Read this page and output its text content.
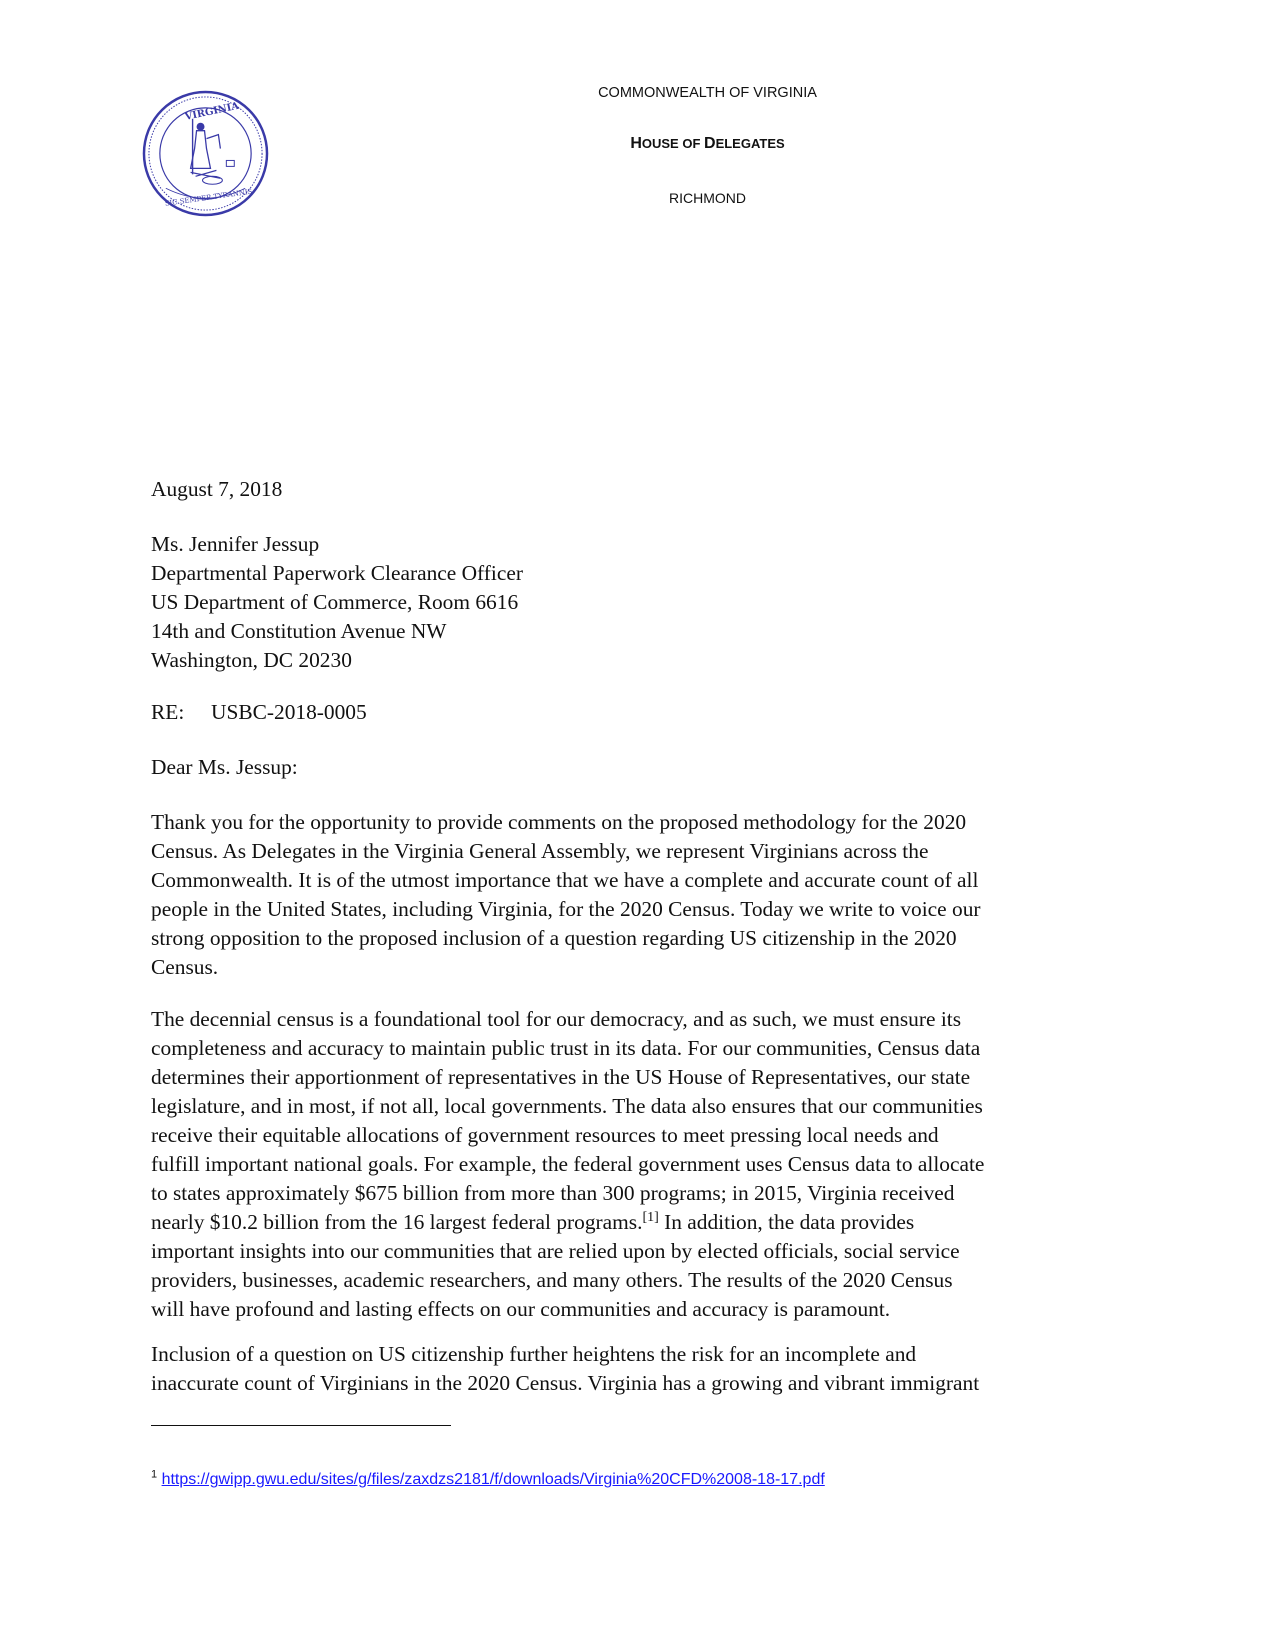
VIRGINIA
SIC SEMPER TYRANNIS
COMMONWEALTH OF VIRGINIA
HOUSE OF DELEGATES
RICHMOND

August 7, 2018

Ms. Jennifer Jessup

Departmental Paperwork Clearance Officer

US Department of Commerce, Room 6616

14th and Constitution Avenue NW

Washington, DC 20230

RE: USBC-2018-0005

Dear Ms. Jessup:

Thank you for the opportunity to provide comments on the proposed methodology for the 2020

Census. As Delegates in the Virginia General Assembly, we represent Virginians across the

Commonwealth. It is of the utmost importance that we have a complete and accurate count of all

people in the United States, including Virginia, for the 2020 Census. Today we write to voice our

strong opposition to the proposed inclusion of a question regarding US citizenship in the 2020

Census.

The decennial census is a foundational tool for our democracy, and as such, we must ensure its

completeness and accuracy to maintain public trust in its data. For our communities, Census data

determines their apportionment of representatives in the US House of Representatives, our state

legislature, and in most, if not all, local governments. The data also ensures that our communities

receive their equitable allocations of government resources to meet pressing local needs and

fulfill important national goals. For example, the federal government uses Census data to allocate

to states approximately $675 billion from more than 300 programs; in 2015, Virginia received

nearly $10.2 billion from the 16 largest federal programs.[1] In addition, the data provides

important insights into our communities that are relied upon by elected officials, social service

providers, businesses, academic researchers, and many others. The results of the 2020 Census

will have profound and lasting effects on our communities and accuracy is paramount.

Inclusion of a question on US citizenship further heightens the risk for an incomplete and

inaccurate count of Virginians in the 2020 Census. Virginia has a growing and vibrant immigrant

$^1$ https://gwipp.gwu.edu/sites/g/files/zaxdzs2181/f/downloads/Virginia%20CFD%2008-18-17.pdf
